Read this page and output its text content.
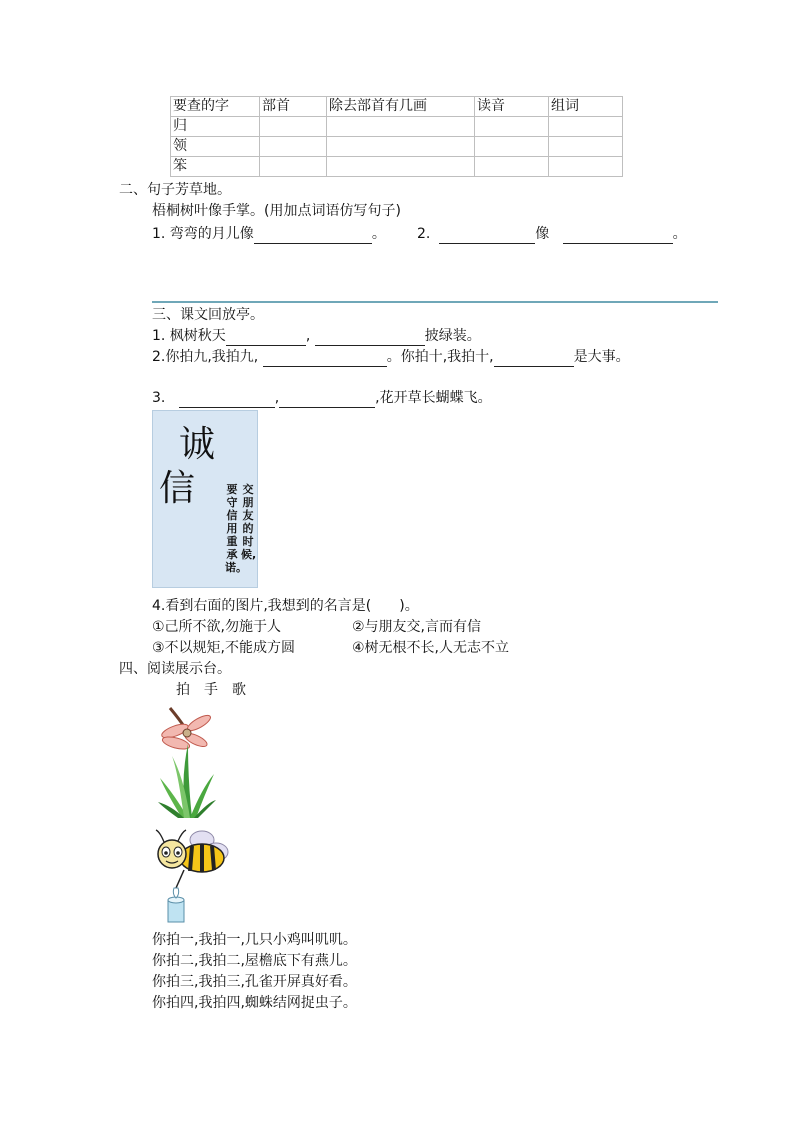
要查的字	部首	除去部首有几画	读音	组词
归				
领				
笨				
二、句子芳草地。
梧桐树叶像手掌。(用加点词语仿写句子)
1. 弯弯的月儿像	。 2.	像	。
三、课文回放亭。
1. 枫树秋天	,	披绿装。
2.你拍九,我拍九,	。你拍十,我拍十,	是大事。
3.	,	,花开草长蝴蝶飞。
诚
信	交朋友的时候,
要守信用重承诺。
4.看到右面的图片,我想到的名言是(　　)。
①己所不欲,勿施于人	②与朋友交,言而有信
③不以规矩,不能成方圆	④树无根不长,人无志不立
四、阅读展示台。
拍　手　歌
你拍一,我拍一,几只小鸡叫叽叽。
你拍二,我拍二,屋檐底下有燕儿。
你拍三,我拍三,孔雀开屏真好看。
你拍四,我拍四,蜘蛛结网捉虫子。
